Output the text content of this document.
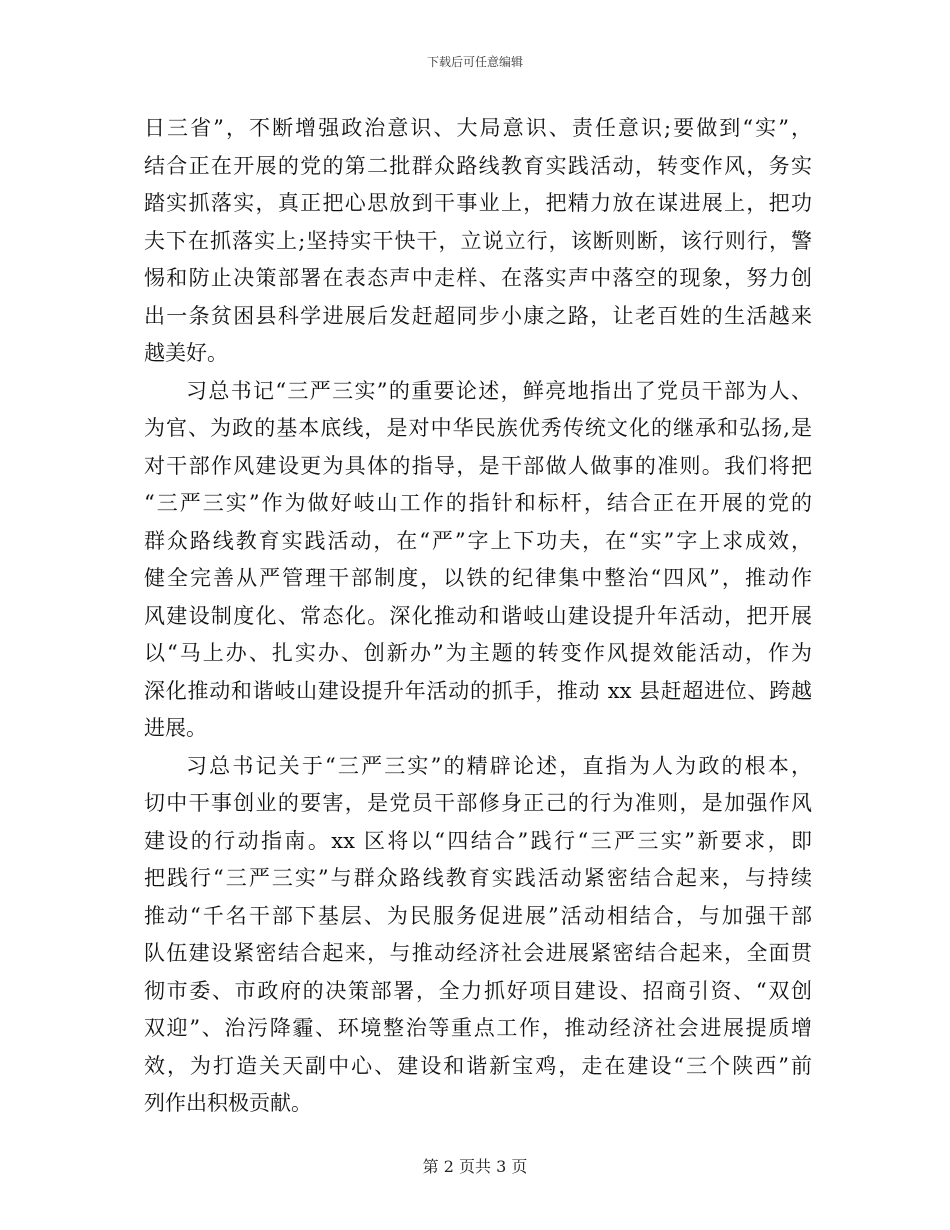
下载后可任意编辑
日三省”，不断增强政治意识、大局意识、责任意识;要做到“实”，
结合正在开展的党的第二批群众路线教育实践活动，转变作风，务实
踏实抓落实，真正把心思放到干事业上，把精力放在谋进展上，把功
夫下在抓落实上;坚持实干快干，立说立行，该断则断，该行则行，警
惕和防止决策部署在表态声中走样、在落实声中落空的现象，努力创
出一条贫困县科学进展后发赶超同步小康之路，让老百姓的生活越来
越美好。
习总书记“三严三实”的重要论述，鲜亮地指出了党员干部为人、
为官、为政的基本底线，是对中华民族优秀传统文化的继承和弘扬,是
对干部作风建设更为具体的指导，是干部做人做事的准则。我们将把
“三严三实”作为做好岐山工作的指针和标杆，结合正在开展的党的
群众路线教育实践活动，在“严”字上下功夫，在“实”字上求成效，
健全完善从严管理干部制度，以铁的纪律集中整治“四风”，推动作
风建设制度化、常态化。深化推动和谐岐山建设提升年活动，把开展
以“马上办、扎实办、创新办”为主题的转变作风提效能活动，作为
深化推动和谐岐山建设提升年活动的抓手，推动 xx 县赶超进位、跨越
进展。
习总书记关于“三严三实”的精辟论述，直指为人为政的根本，
切中干事创业的要害，是党员干部修身正己的行为准则，是加强作风
建设的行动指南。xx 区将以“四结合”践行“三严三实”新要求，即
把践行“三严三实”与群众路线教育实践活动紧密结合起来，与持续
推动“千名干部下基层、为民服务促进展”活动相结合，与加强干部
队伍建设紧密结合起来，与推动经济社会进展紧密结合起来，全面贯
彻市委、市政府的决策部署，全力抓好项目建设、招商引资、“双创
双迎”、治污降霾、环境整治等重点工作，推动经济社会进展提质增
效，为打造关天副中心、建设和谐新宝鸡，走在建设“三个陕西”前
列作出积极贡献。
第 2 页共 3 页
